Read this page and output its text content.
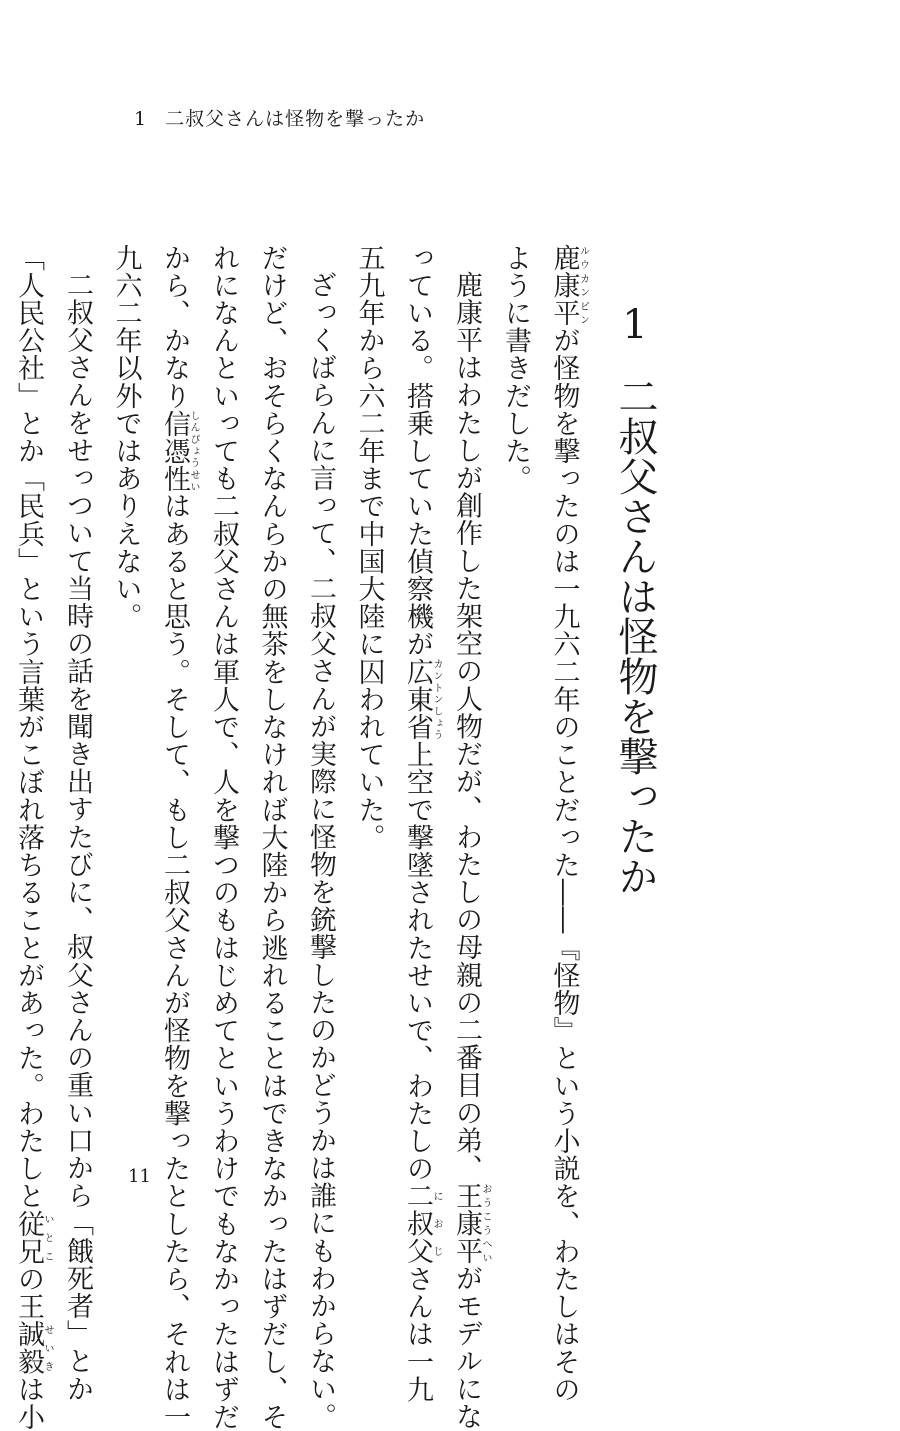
1 二叔父さんは怪物を撃ったか
1二叔父さんは怪物を撃ったか
鹿康平ルウカンピンが怪物を撃ったのは一九六二年のことだった――『怪物』という小説を、わたしはその
ように書きだした。
鹿康平はわたしが創作した架空の人物だが、わたしの母親の二番目の弟、王康平おうこうへいがモデルにな
っている。搭乗していた偵察機が広東省カントンしょう上空で撃墜されたせいで、わたしの二叔父におじさんは一九
五九年から六二年まで中国大陸に囚われていた。
ざっくばらんに言って、二叔父さんが実際に怪物を銃撃したのかどうかは誰にもわからない。
だけど、おそらくなんらかの無茶をしなければ大陸から逃れることはできなかったはずだし、そ
れになんといっても二叔父さんは軍人で、人を撃つのもはじめてというわけでもなかったはずだ
から、かなり信憑性しんぴょうせいはあると思う。そして、もし二叔父さんが怪物を撃ったとしたら、それは一
九六二年以外ではありえない。
二叔父さんをせっついて当時の話を聞き出すたびに、叔父さんの重い口から「餓死者」とか
「人民公社」とか「民兵」という言葉がこぼれ落ちることがあった。わたしと従兄いとこの王誠毅せいきは小
11
